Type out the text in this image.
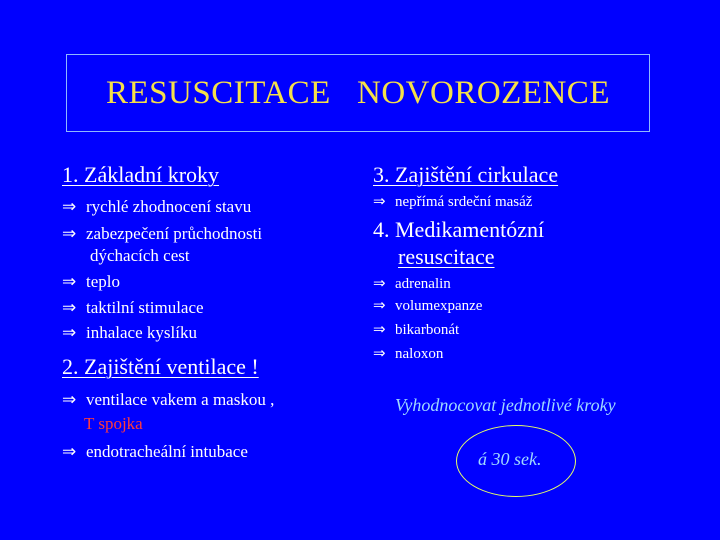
RESUSCITACE   NOVOROZENCE
1. Základní kroky
⇒ rychlé zhodnocení stavu
⇒ zabezpečení průchodnosti
dýchacích cest
⇒ teplo
⇒ taktilní stimulace
⇒ inhalace kyslíku
2. Zajištění ventilace !
⇒ ventilace vakem a maskou ,
T spojka
⇒ endotracheální intubace
3. Zajištění cirkulace
⇒ nepřímá srdeční masáž
4. Medikamentózní
resuscitace
⇒ adrenalin
⇒ volumexpanze
⇒ bikarbonát
⇒ naloxon
Vyhodnocovat jednotlivé kroky
á 30 sek.
